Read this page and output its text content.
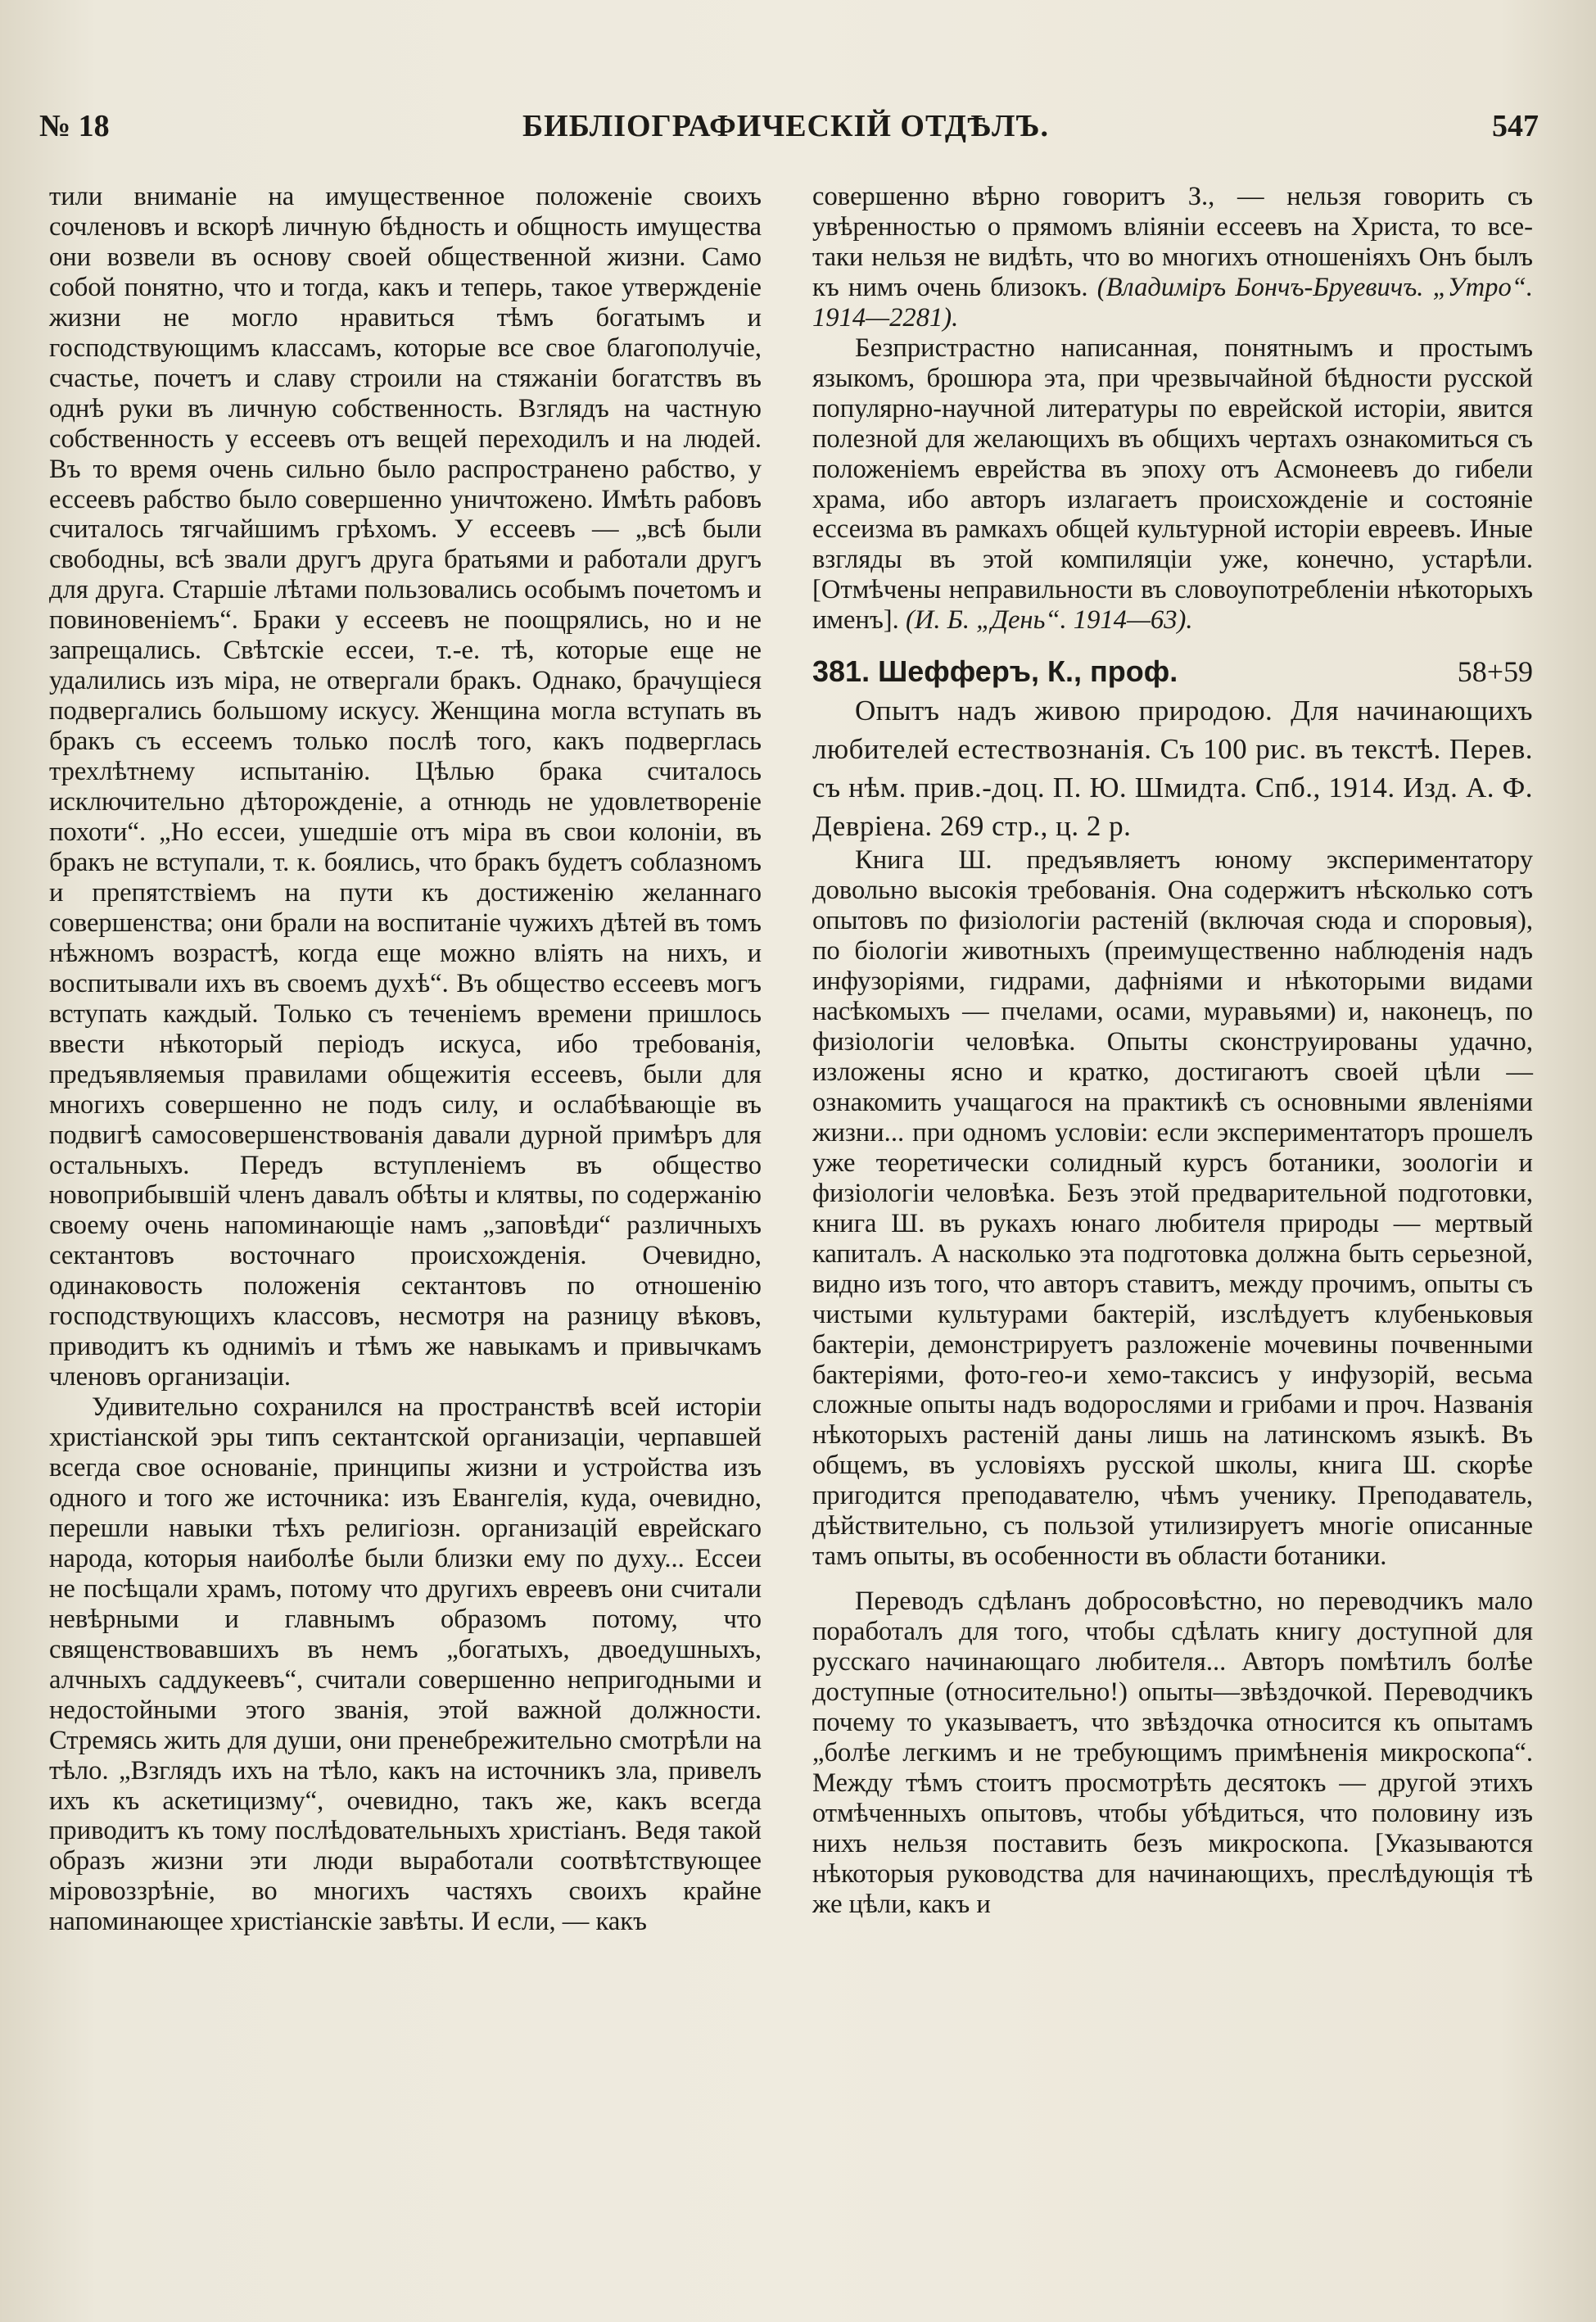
№ 18	БИБЛІОГРАФИЧЕСКІЙ ОТДѢЛЪ.	547

тили вниманіе на имущественное положеніе своихъ сочленовъ и вскорѣ личную бѣдность и общность имущества они возвели въ основу своей общественной жизни. Само собой понятно, что и тогда, какъ и теперь, такое утвержденіе жизни не могло нравиться тѣмъ богатымъ и господствующимъ классамъ, которые все свое благополучіе, счастье, почетъ и славу строили на стяжаніи богатствъ въ однѣ руки въ личную собственность. Взглядъ на частную собственность у ессеевъ отъ вещей переходилъ и на людей. Въ то время очень сильно было распространено рабство, у ессеевъ рабство было совершенно уничтожено. Имѣть рабовъ считалось тягчайшимъ грѣхомъ. У ессеевъ — „всѣ были свободны, всѣ звали другъ друга братьями и работали другъ для друга. Старшіе лѣтами пользовались особымъ почетомъ и повиновеніемъ“. Браки у ессеевъ не поощрялись, но и не запрещались. Свѣтскіе ессеи, т.-е. тѣ, которые еще не удалились изъ міра, не отвергали бракъ. Однако, брачущіеся подвергались большому искусу. Женщина могла вступать въ бракъ съ ессеемъ только послѣ того, какъ подверглась трехлѣтнему испытанію. Цѣлью брака считалось исключительно дѣторожденіе, а отнюдь не удовлетвореніе похоти“. „Но ессеи, ушедшіе отъ міра въ свои колоніи, въ бракъ не вступали, т. к. боялись, что бракъ будетъ соблазномъ и препятствіемъ на пути къ достиженію желаннаго совершенства; они брали на воспитаніе чужихъ дѣтей въ томъ нѣжномъ возрастѣ, когда еще можно влiять на нихъ, и воспитывали ихъ въ своемъ духѣ“. Въ общество ессеевъ могъ вступать каждый. Только съ теченіемъ времени пришлось ввести нѣкоторый періодъ искуса, ибо требованія, предъявляемыя правилами общежитія ессеевъ, были для многихъ совершенно не подъ силу, и ослабѣвающіе въ подвигѣ самосовершенствованія давали дурной примѣръ для остальныхъ. Передъ вступленіемъ въ общество новоприбывшій членъ давалъ обѣты и клятвы, по содержанію своему очень напоминающіе намъ „заповѣди“ различныхъ сектантовъ восточнаго происхожденія. Очевидно, одинаковость положенія сектантовъ по отношенію господствующихъ классовъ, несмотря на разницу вѣковъ, приводитъ къ одниміъ и тѣмъ же навыкамъ и привычкамъ членовъ организаціи.

Удивительно сохранился на пространствѣ всей исторіи христіанской эры типъ сектантской организаціи, черпавшей всегда свое основаніе, принципы жизни и устройства изъ одного и того же источника: изъ Евангелія, куда, очевидно, перешли навыки тѣхъ религіозн. организацій еврейскаго народа, которыя наиболѣе были близки ему по духу... Ессеи не посѣщали храмъ, потому что другихъ евреевъ они считали невѣрными и главнымъ образомъ потому, что священствовавшихъ въ немъ „богатыхъ, двоедушныхъ, алчныхъ саддукеевъ“, считали совершенно непригодными и недостойными этого званія, этой важной должности. Стремясь жить для души, они пренебрежительно смотрѣли на тѣло. „Взглядъ ихъ на тѣло, какъ на источникъ зла, привелъ ихъ къ аскетицизму“, очевидно, такъ же, какъ всегда приводитъ къ тому послѣдовательныхъ христіанъ. Ведя такой образъ жизни эти люди выработали соотвѣтствующее міровоззрѣніе, во многихъ частяхъ своихъ крайне напоминающее христіанскіе завѣты. И если, — какъ

совершенно вѣрно говоритъ З., — нельзя говорить съ увѣренностью о прямомъ вліяніи ессеевъ на Христа, то все-таки нельзя не видѣть, что во многихъ отношеніяхъ Онъ былъ къ нимъ очень близокъ. (Владимiръ Бончъ-Бруевичъ. „Утро“. 1914—2281).

Безпристрастно написанная, понятнымъ и простымъ языкомъ, брошюра эта, при чрезвычайной бѣдности русской популярно-научной литературы по еврейской исторіи, явится полезной для желающихъ въ общихъ чертахъ ознакомиться съ положеніемъ еврейства въ эпоху отъ Асмонеевъ до гибели храма, ибо авторъ излагаетъ происхожденіе и состояніе ессеизма въ рамкахъ общей культурной исторіи евреевъ. Иные взгляды въ этой компиляціи уже, конечно, устарѣли. [Отмѣчены неправильности въ словоупотребленіи нѣкоторыхъ именъ]. (И. Б. „День“. 1914—63).

381. Шефферъ, К., проф.	58+59

Опытъ надъ живою природою. Для начинающихъ любителей естествознанія. Съ 100 рис. въ текстѣ. Перев. съ нѣм. прив.-доц. П. Ю. Шмидта. Спб., 1914. Изд. А. Ф. Девріена. 269 стр., ц. 2 р.

Книга Ш. предъявляетъ юному экспериментатору довольно высокія требованія. Она содержитъ нѣсколько сотъ опытовъ по физіологіи растеній (включая сюда и споровыя), по біологіи животныхъ (преимущественно наблюденія надъ инфузоріями, гидрами, дафніями и нѣкоторыми видами насѣкомыхъ — пчелами, осами, муравьями) и, наконецъ, по физіологіи человѣка. Опыты сконструированы удачно, изложены ясно и кратко, достигаютъ своей цѣли — ознакомить учащагося на практикѣ съ основными явленіями жизни... при одномъ условіи: если экспериментаторъ прошелъ уже теоретически солидный курсъ ботаники, зоологіи и физіологіи человѣка. Безъ этой предварительной подготовки, книга Ш. въ рукахъ юнаго любителя природы — мертвый капиталъ. А насколько эта подготовка должна быть серьезной, видно изъ того, что авторъ ставитъ, между прочимъ, опыты съ чистыми культурами бактерій, изслѣдуетъ клубеньковыя бактеріи, демонстрируетъ разложеніе мочевины почвенными бактеріями, фото-гео-и хемо-таксисъ у инфузорій, весьма сложные опыты надъ водорослями и грибами и проч. Названія нѣкоторыхъ растеній даны лишь на латинскомъ языкѣ. Въ общемъ, въ условіяхъ русской школы, книга Ш. скорѣе пригодится преподавателю, чѣмъ ученику. Преподаватель, дѣйствительно, съ пользой утилизируетъ многіе описанные тамъ опыты, въ особенности въ области ботаники.

Переводъ сдѣланъ добросовѣстно, но переводчикъ мало поработалъ для того, чтобы сдѣлать книгу доступной для русскаго начинающаго любителя... Авторъ помѣтилъ болѣе доступные (относительно!) опыты—звѣздочкой. Переводчикъ почему то указываетъ, что звѣздочка относится къ опытамъ „болѣе легкимъ и не требующимъ примѣненія микроскопа“. Между тѣмъ стоитъ просмотрѣть десятокъ — другой этихъ отмѣченныхъ опытовъ, чтобы убѣдиться, что половину изъ нихъ нельзя поставить безъ микроскопа. [Указываются нѣкоторыя руководства для начинающихъ, преслѣдующія тѣ же цѣли, какъ и
